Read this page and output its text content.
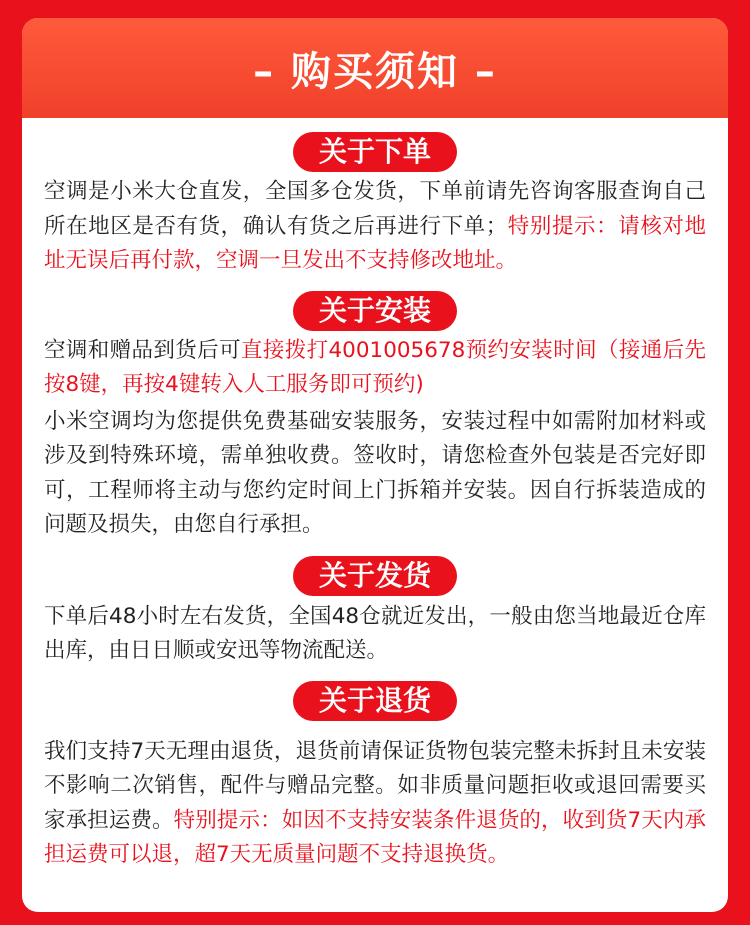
– 购买须知 –
关于下单

空调是小米大仓直发，全国多仓发货，下单前请先咨询客服查询自己所在地区是否有货，确认有货之后再进行下单；特别提示：请核对地址无误后再付款，空调一旦发出不支持修改地址。

关于安装

空调和赠品到货后可直接拨打4001005678预约安装时间（接通后先按8键，再按4键转入人工服务即可预约)

小米空调均为您提供免费基础安装服务，安装过程中如需附加材料或涉及到特殊环境，需单独收费。签收时，请您检查外包装是否完好即可，工程师将主动与您约定时间上门拆箱并安装。因自行拆装造成的问题及损失，由您自行承担。

关于发货

下单后48小时左右发货，全国48仓就近发出，一般由您当地最近仓库出库，由日日顺或安迅等物流配送。

关于退货

我们支持7天无理由退货，退货前请保证货物包装完整未拆封且未安装不影响二次销售，配件与赠品完整。如非质量问题拒收或退回需要买家承担运费。特别提示：如因不支持安装条件退货的，收到货7天内承担运费可以退，超7天无质量问题不支持退换货。
